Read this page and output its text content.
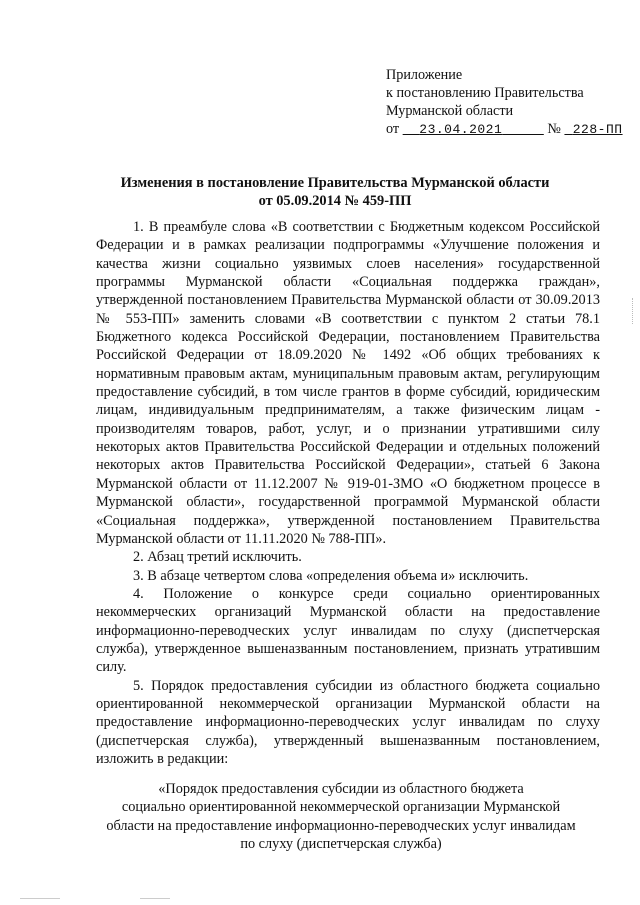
Приложение
к постановлению Правительства
Мурманской области
от 23.04.2021	№ 228-ПП
Изменения в постановление Правительства Мурманской области
от 05.09.2014 № 459-ПП

1. В преамбуле слова «В соответствии с Бюджетным кодексом Российской Федерации и в рамках реализации подпрограммы «Улучшение положения и качества жизни социально уязвимых слоев населения» государственной программы Мурманской области «Социальная поддержка граждан», утвержденной постановлением Правительства Мурманской области от 30.09.2013 № 553-ПП» заменить словами «В соответствии с пунктом 2 статьи 78.1 Бюджетного кодекса Российской Федерации, постановлением Правительства Российской Федерации от 18.09.2020 № 1492 «Об общих требованиях к нормативным правовым актам, муниципальным правовым актам, регулирующим предоставление субсидий, в том числе грантов в форме субсидий, юридическим лицам, индивидуальным предпринимателям, а также физическим лицам - производителям товаров, работ, услуг, и о признании утратившими силу некоторых актов Правительства Российской Федерации и отдельных положений некоторых актов Правительства Российской Федерации», статьей 6 Закона Мурманской области от 11.12.2007 № 919-01-ЗМО «О бюджетном процессе в Мурманской области», государственной программой Мурманской области «Социальная поддержка», утвержденной постановлением Правительства Мурманской области от 11.11.2020 № 788-ПП».

2. Абзац третий исключить.

3. В абзаце четвертом слова «определения объема и» исключить.

4. Положение о конкурсе среди социально ориентированных некоммерческих организаций Мурманской области на предоставление информационно-переводческих услуг инвалидам по слуху (диспетчерская служба), утвержденное вышеназванным постановлением, признать утратившим силу.

5. Порядок предоставления субсидии из областного бюджета социально ориентированной некоммерческой организации Мурманской области на предоставление информационно-переводческих услуг инвалидам по слуху (диспетчерская служба), утвержденный вышеназванным постановлением, изложить в редакции:

«Порядок предоставления субсидии из областного бюджета
социально ориентированной некоммерческой организации Мурманской
области на предоставление информационно-переводческих услуг инвалидам
по слуху (диспетчерская служба)
